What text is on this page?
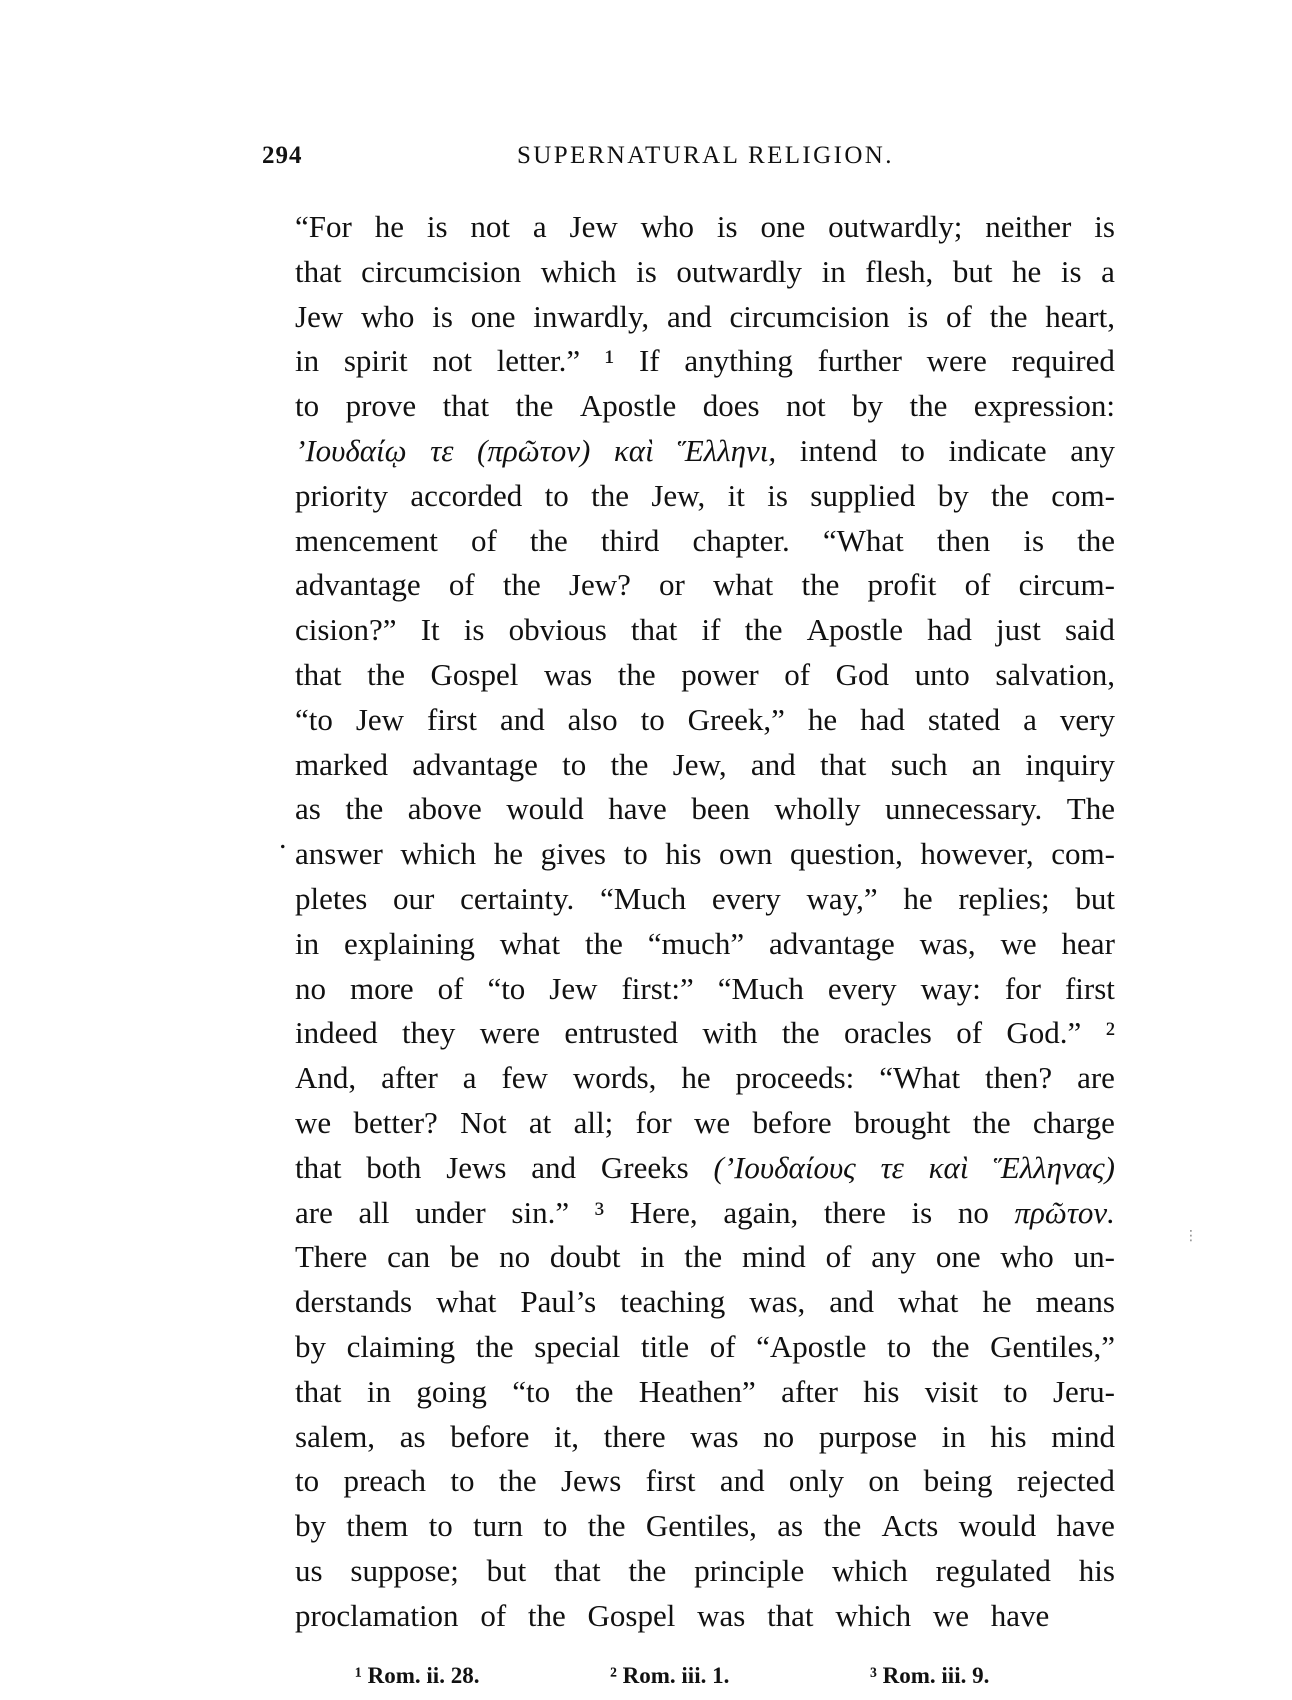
294	SUPERNATURAL RELIGION.
“For he is not a Jew who is one outwardly; neither is
that circumcision which is outwardly in flesh, but he is a
Jew who is one inwardly, and circumcision is of the heart,
in spirit not letter.” ¹ If anything further were required
to prove that the Apostle does not by the expression:
’Ιουδαίῳ τε (πρῶτον) καὶ Ἕλληνι, intend to indicate any
priority accorded to the Jew, it is supplied by the com-
mencement of the third chapter. “What then is the
advantage of the Jew? or what the profit of circum-
cision?” It is obvious that if the Apostle had just said
that the Gospel was the power of God unto salvation,
“to Jew first and also to Greek,” he had stated a very
marked advantage to the Jew, and that such an inquiry
as the above would have been wholly unnecessary. The
answer which he gives to his own question, however, com-
pletes our certainty. “Much every way,” he replies; but
in explaining what the “much” advantage was, we hear
no more of “to Jew first:” “Much every way: for first
indeed they were entrusted with the oracles of God.” ²
And, after a few words, he proceeds: “What then? are
we better? Not at all; for we before brought the charge
that both Jews and Greeks (’Ιουδαίους τε καὶ Ἕλληνας)
are all under sin.” ³ Here, again, there is no πρῶτον.
There can be no doubt in the mind of any one who un-
derstands what Paul’s teaching was, and what he means
by claiming the special title of “Apostle to the Gentiles,”
that in going “to the Heathen” after his visit to Jeru-
salem, as before it, there was no purpose in his mind
to preach to the Jews first and only on being rejected
by them to turn to the Gentiles, as the Acts would have
us suppose; but that the principle which regulated his
proclamation of the Gospel was that which we have
.
⋮
¹ Rom. ii. 28.	² Rom. iii. 1.	³ Rom. iii. 9.
